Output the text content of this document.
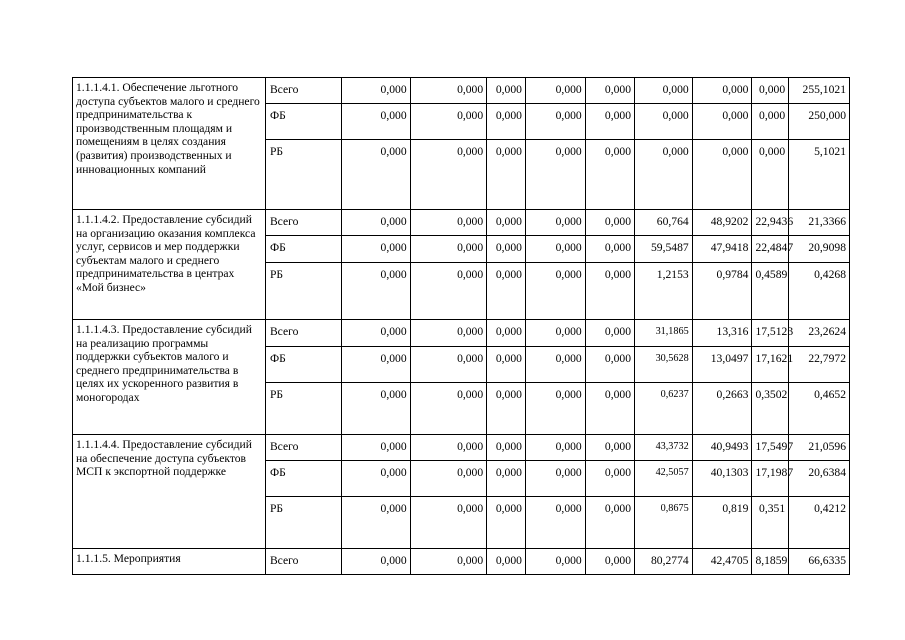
1.1.1.4.1. Обеспечение льготного доступа субъектов малого и среднего предпринимательства к производственным площадям и помещениям в целях создания (развития) производственных и инновационных компаний	Всего	0,000	0,000	0,000	0,000	0,000	0,000	0,000	0,000	255,1021
	ФБ	0,000	0,000	0,000	0,000	0,000	0,000	0,000	0,000	250,000
	РБ	0,000	0,000	0,000	0,000	0,000	0,000	0,000	0,000	5,1021
1.1.1.4.2. Предоставление субсидий на организацию оказания комплекса услуг, сервисов и мер поддержки субъектам малого и среднего предпринимательства в центрах «Мой бизнес»	Всего	0,000	0,000	0,000	0,000	0,000	60,764	48,9202	22,9436	21,3366
	ФБ	0,000	0,000	0,000	0,000	0,000	59,5487	47,9418	22,4847	20,9098
	РБ	0,000	0,000	0,000	0,000	0,000	1,2153	0,9784	0,4589	0,4268
1.1.1.4.3. Предоставление субсидий на реализацию программы поддержки субъектов малого и среднего предпринимательства в целях их ускоренного развития в моногородах	Всего	0,000	0,000	0,000	0,000	0,000	31,1865	13,316	17,5123	23,2624
	ФБ	0,000	0,000	0,000	0,000	0,000	30,5628	13,0497	17,1621	22,7972
	РБ	0,000	0,000	0,000	0,000	0,000	0,6237	0,2663	0,3502	0,4652
1.1.1.4.4. Предоставление субсидий на обеспечение доступа субъектов МСП к экспортной поддержке	Всего	0,000	0,000	0,000	0,000	0,000	43,3732	40,9493	17,5497	21,0596
	ФБ	0,000	0,000	0,000	0,000	0,000	42,5057	40,1303	17,1987	20,6384
	РБ	0,000	0,000	0,000	0,000	0,000	0,8675	0,819	0,351	0,4212
1.1.1.5. Мероприятия	Всего	0,000	0,000	0,000	0,000	0,000	80,2774	42,4705	8,1859	66,6335
